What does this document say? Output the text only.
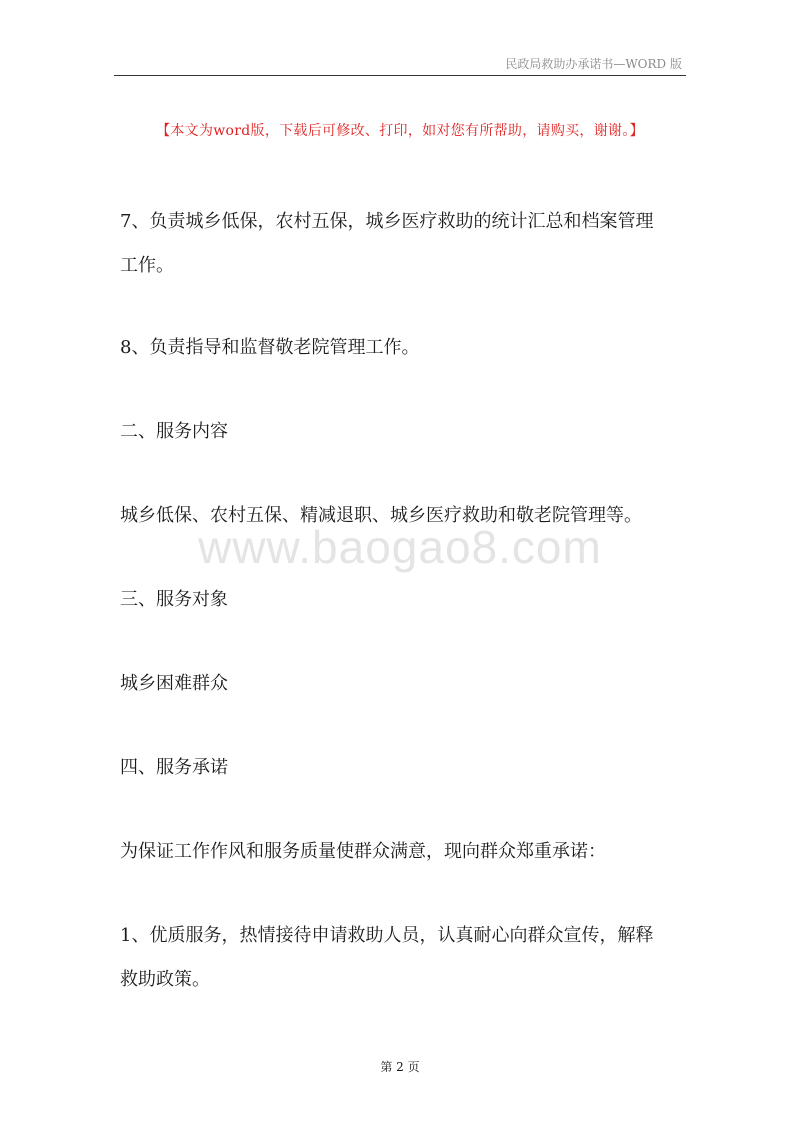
民政局救助办承诺书—WORD 版
【本文为word版，下载后可修改、打印，如对您有所帮助，请购买，谢谢。】
7、负责城乡低保，农村五保，城乡医疗救助的统计汇总和档案管理
工作。
8、负责指导和监督敬老院管理工作。
二、服务内容
城乡低保、农村五保、精减退职、城乡医疗救助和敬老院管理等。
www.baogao8.com
三、服务对象
城乡困难群众
四、服务承诺
为保证工作作风和服务质量使群众满意，现向群众郑重承诺：
1、优质服务，热情接待申请救助人员，认真耐心向群众宣传，解释
救助政策。
第 2 页
